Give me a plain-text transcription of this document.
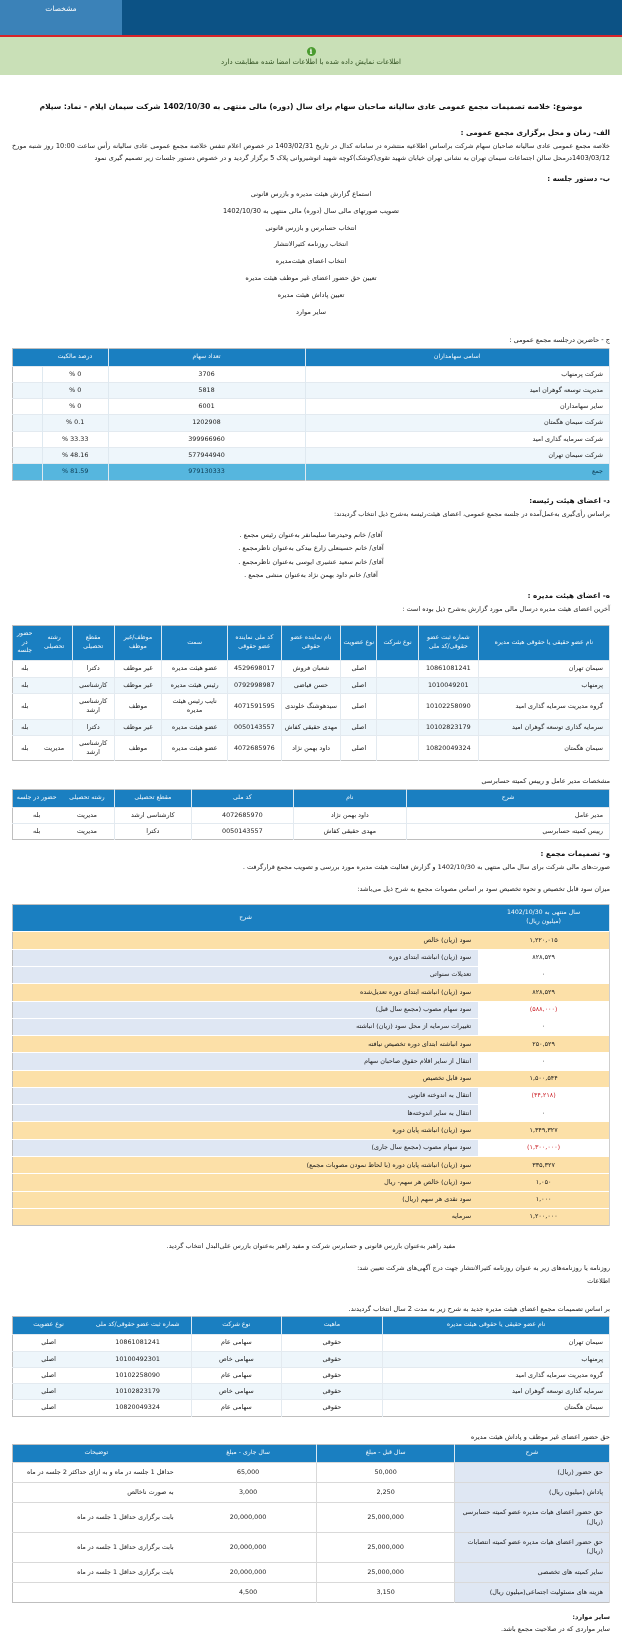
مشخصات
i
اطلاعات نمایش داده شده با اطلاعات امضا شده مطابقت دارد
موضوع: خلاصه تصمیمات مجمع عمومی عادی سالیانه صاحبان سهام برای سال (دوره) مالی منتهی به 1402/10/30 شرکت سیمان ایلام - نماد: سیلام
الف- زمان و محل برگزاری مجمع عمومی :
خلاصه مجمع عمومی عادی سالیانه صاحبان سهام شرکت براساس اطلاعیه منتشره در سامانه کدال در تاریخ 1403/02/31 در خصوص اعلام تنفس خلاصه مجمع عمومی عادی سالیانه رأس ساعت 10:00 روز شنبه مورخ 1403/03/12درمحل سالن اجتماعات سیمان تهران به نشانی تهران خیابان شهید تقوی(کوشک)کوچه شهید انوشیروانی پلاک 5 برگزار گردید و در خصوص دستور جلسات زیر تصمیم گیری نمود
ب- دستور جلسه :
استماع گزارش هیئت مدیره و بازرس قانونی
تصویب صورتهای مالی سال (دوره) مالی منتهی به 1402/10/30
انتخاب حسابرس و بازرس قانونی
انتخاب روزنامه کثیرالانتشار
انتخاب اعضای هیئت‌مدیره
تعیین حق حضور اعضای غیر موظف هیئت مدیره
تعیین پاداش هیئت مدیره
سایر موارد
ج - حاضرین درجلسه مجمع عمومی :
اسامی سهامداران	تعداد سهام	درصد مالکیت	
شرکت پرمنهاب	3706	0 %	
مدیریت توسعه گوهران امید	5818	0 %	
سایر سهامداران	6001	0 %	
شرکت سیمان هگمتان	1202908	0.1 %	
شرکت سرمایه گذاری امید	399966960	33.33 %	
شرکت سیمان تهران	577944940	48.16 %	
جمع	979130333	81.59 %	
د- اعضای هیئت رئیسه:
براساس رأی‌گیری به‌عمل‌آمده در جلسه مجمع عمومی، اعضای هیئت‌رئیسه به‌شرح ذیل انتخاب گردیدند:
آقای/ خانم وحیدرضا سلیمانفر به‌عنوان رئیس مجمع .
آقای/ خانم حسینعلی زارع بیدکی به‌عنوان ناظرمجمع .
آقای/ خانم سعید عشیری ایوسی به‌عنوان ناظرمجمع .
آقای/ خانم داود بهمن نژاد به‌عنوان منشی مجمع .
ه- اعضای هیئت مدیره :
آخرین اعضای هیئت مدیره درسال مالی مورد گزارش به‌شرح ذیل بوده است :
نام عضو حقیقی یا حقوقی هیئت مدیره	شماره ثبت عضو حقوقی/کد ملی	نوع شرکت	نوع عضویت	نام نماینده عضو حقوقی	کد ملی نماینده عضو حقوقی	سمت	موظف/غیر موظف	مقطع تحصیلی	رشته تحصیلی	حضور در جلسه
سیمان تهران	10861081241		اصلی	شعبان فروش	4529698017	عضو هیئت مدیره	غیر موظف	دکترا		بله
پرمنهاب	1010049201		اصلی	حسن فیاضی	0792998987	رئیس هیئت مدیره	غیر موظف	کارشناسی		بله
گروه مدیریت سرمایه گذاری امید	10102258090		اصلی	سیدهوشنگ خلوندی	4071591595	نایب رئیس هیئت مدیره	موظف	کارشناسی ارشد		بله
سرمایه گذاری توسعه گوهران امید	10102823179		اصلی	مهدی حقیقی کفاش	0050143557	عضو هیئت مدیره	غیر موظف	دکترا		بله
سیمان هگمتان	10820049324		اصلی	داود بهمن نژاد	4072685976	عضو هیئت مدیره	موظف	کارشناسی ارشد	مدیریت	بله
مشخصات مدیر عامل و رییس کمیته حسابرسی
شرح	نام	کد ملی	مقطع تحصیلی	رشته تحصیلی	حضور در جلسه
مدیر عامل	داود بهمن نژاد	4072685970	کارشناسی ارشد	مدیریت	بله
رییس کمیته حسابرسی	مهدی حقیقی کفاش	0050143557	دکترا	مدیریت	بله
و- تصمیمات مجمع :
صورت‌های مالی شرکت برای سال مالی منتهی به 1402/10/30 و گزارش فعالیت هیئت مدیره مورد بررسی و تصویب مجمع قرارگرفت .
میزان سود قابل تخصیص و نحوه تخصیص سود بر اساس مصوبات مجمع به شرح ذیل می‌باشد:
سال منتهی به 1402/10/30
(میلیون ریال)	شرح
۱,۲۲۰,۰۱۵	سود (زیان) خالص
۸۲۸,۵۲۹	سود (زیان) انباشته ابتدای دوره
۰	تعدیلات سنواتی
۸۲۸,۵۲۹	سود (زیان) انباشته ابتدای دوره تعدیل‌شده
(۵۸۸,۰۰۰)	سود سهام مصوب (مجمع سال قبل)
۰	تغییرات سرمایه از محل سود (زیان) انباشته
۲۵۰,۵۲۹	سود انباشته ابتدای دوره تخصیص نیافته
۰	انتقال از سایر اقلام حقوق صاحبان سهام
۱,۵۰۰,۵۴۴	سود قابل تخصیص
(۴۴,۲۱۸)	انتقال به اندوخته قانونی
۰	انتقال به سایر اندوخته‌ها
۱,۳۴۹,۳۲۷	سود (زیان) انباشته پایان دوره
(۱,۳۰۰,۰۰۰)	سود سهام مصوب (مجمع سال جاری)
۳۳۵,۳۲۷	سود (زیان) انباشته پایان دوره (با لحاظ نمودن مصوبات مجمع)
۱,۰۵۰	سود (زیان) خالص هر سهم- ریال
۱,۰۰۰	سود نقدی هر سهم (ریال)
۱,۲۰۰,۰۰۰	سرمایه
مفید راهبر به‌عنوان بازرس قانونی و حسابرس شرکت و مفید راهبر به‌عنوان بازرس علی‌البدل انتخاب گردید.
روزنامه یا روزنامه‌های زیر به عنوان روزنامه کثیرالانتشار جهت درج آگهی‌های شرکت تعیین شد:
اطلاعات
بر اساس تصمیمات مجمع اعضای هیئت مدیره جدید به شرح زیر به مدت 2 سال انتخاب گردیدند.
نام عضو حقیقی یا حقوقی هیئت مدیره	ماهیت	نوع شرکت	شماره ثبت عضو حقوقی/کد ملی	نوع عضویت
سیمان تهران	حقوقی	سهامی عام	10861081241	اصلی
پرمنهاب	حقوقی	سهامی خاص	10100492301	اصلی
گروه مدیریت سرمایه گذاری امید	حقوقی	سهامی عام	10102258090	اصلی
سرمایه گذاری توسعه گوهران امید	حقوقی	سهامی خاص	10102823179	اصلی
سیمان هگمتان	حقوقی	سهامی عام	10820049324	اصلی
حق حضور اعضای غیر موظف و پاداش هیئت مدیره
شرح	سال قبل - مبلغ	سال جاری - مبلغ	توضیحات
حق حضور (ریال)	50,000	65,000	حداقل 1 جلسه در ماه و به ازای حداکثر 2 جلسه در ماه
پاداش (میلیون ریال)	2,250	3,000	به صورت ناخالص
حق حضور اعضای هیات مدیره عضو کمیته حسابرسی (ریال)	25,000,000	20,000,000	بابت برگزاری حداقل 1 جلسه در ماه
حق حضور اعضای هیات مدیره عضو کمیته انتصابات (ریال)	25,000,000	20,000,000	بابت برگزاری حداقل 1 جلسه در ماه
سایر کمیته های تخصصی	25,000,000	20,000,000	بابت برگزاری حداقل 1 جلسه در ماه
هزینه های مسئولیت اجتماعی(میلیون ریال)	3,150	4,500	
سایر موارد:
سایر مواردی که در صلاحیت مجمع باشد.
